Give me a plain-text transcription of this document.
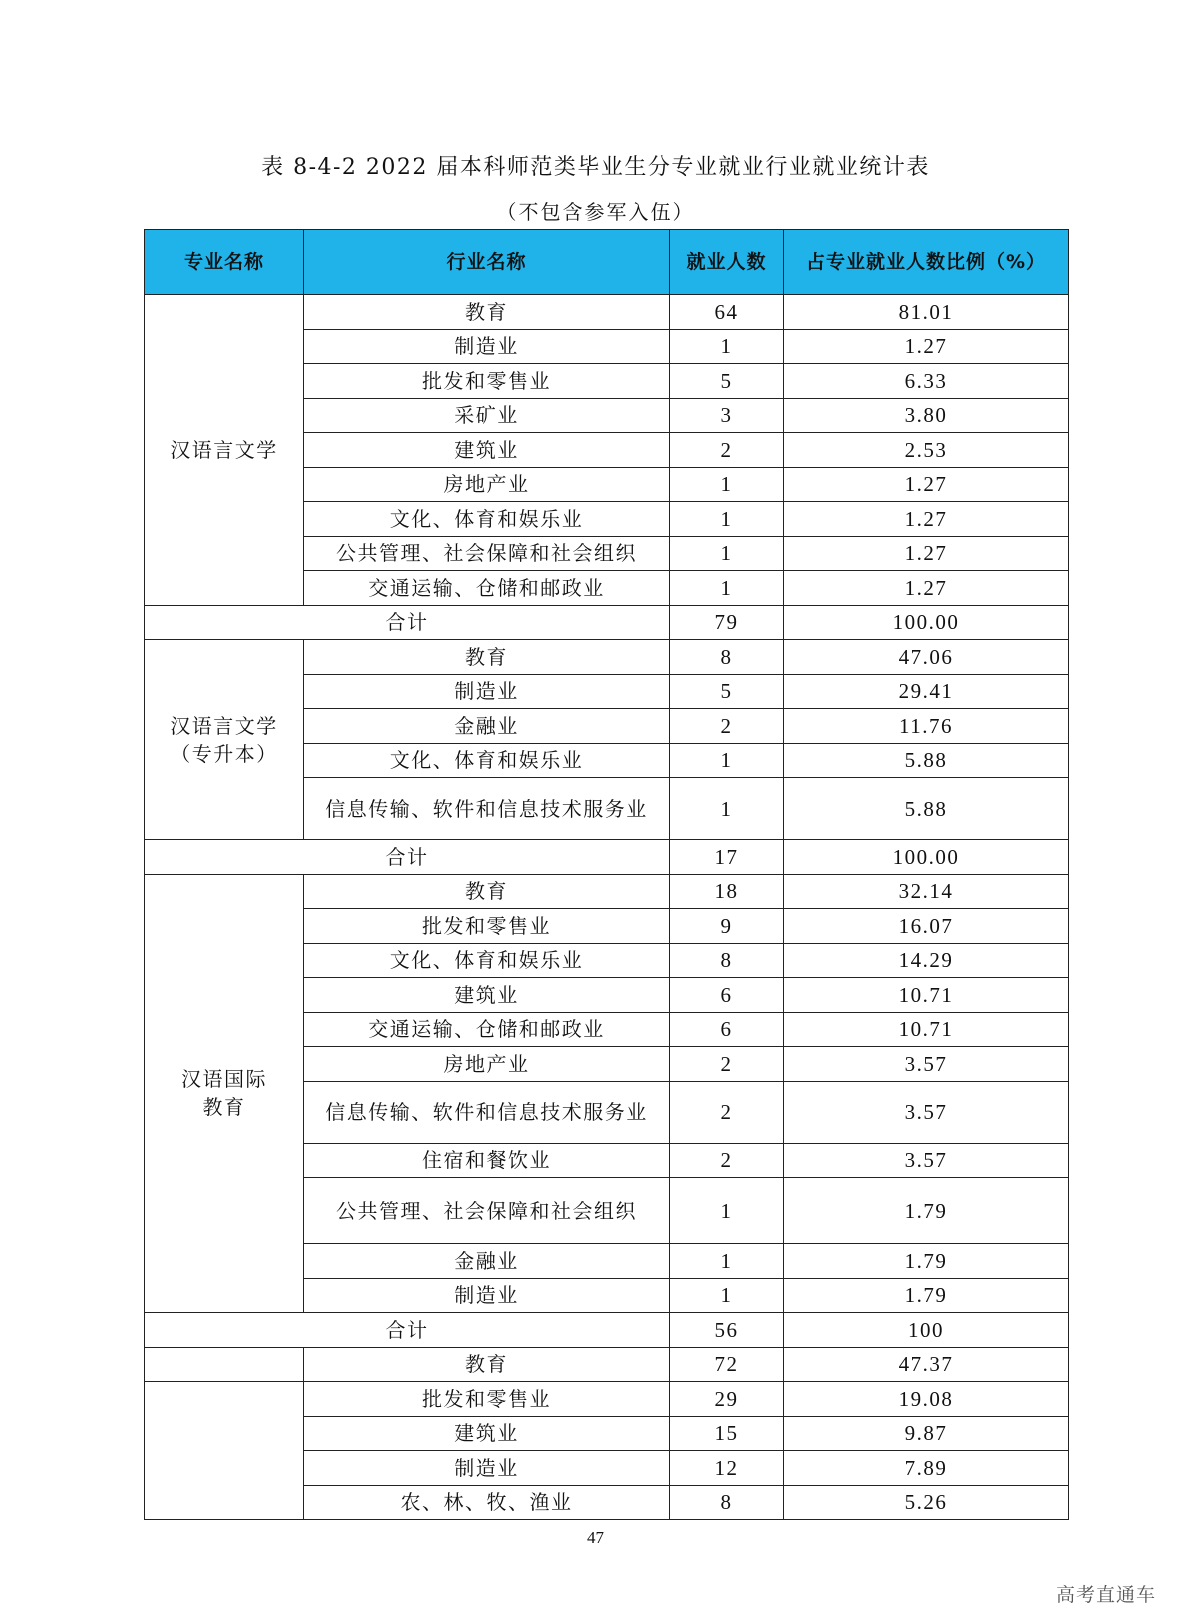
表 8-4-2 2022 届本科师范类毕业生分专业就业行业就业统计表
（不包含参军入伍）
专业名称	行业名称	就业人数	占专业就业人数比例（%）
汉语言文学	教育	64	81.01
	制造业	1	1.27
	批发和零售业	5	6.33
	采矿业	3	3.80
	建筑业	2	2.53
	房地产业	1	1.27
	文化、体育和娱乐业	1	1.27
	公共管理、社会保障和社会组织	1	1.27
	交通运输、仓储和邮政业	1	1.27
合计		79	100.00
汉语言文学（专升本）	教育	8	47.06
	制造业	5	29.41
	金融业	2	11.76
	文化、体育和娱乐业	1	5.88
	信息传输、软件和信息技术服务业	1	5.88
合计		17	100.00
汉语国际教育	教育	18	32.14
	批发和零售业	9	16.07
	文化、体育和娱乐业	8	14.29
	建筑业	6	10.71
	交通运输、仓储和邮政业	6	10.71
	房地产业	2	3.57
	信息传输、软件和信息技术服务业	2	3.57
	住宿和餐饮业	2	3.57
	公共管理、社会保障和社会组织	1	1.79
	金融业	1	1.79
	制造业	1	1.79
合计		56	100
	教育	72	47.37
	批发和零售业	29	19.08
	建筑业	15	9.87
	制造业	12	7.89
	农、林、牧、渔业	8	5.26
47
高考直通车
